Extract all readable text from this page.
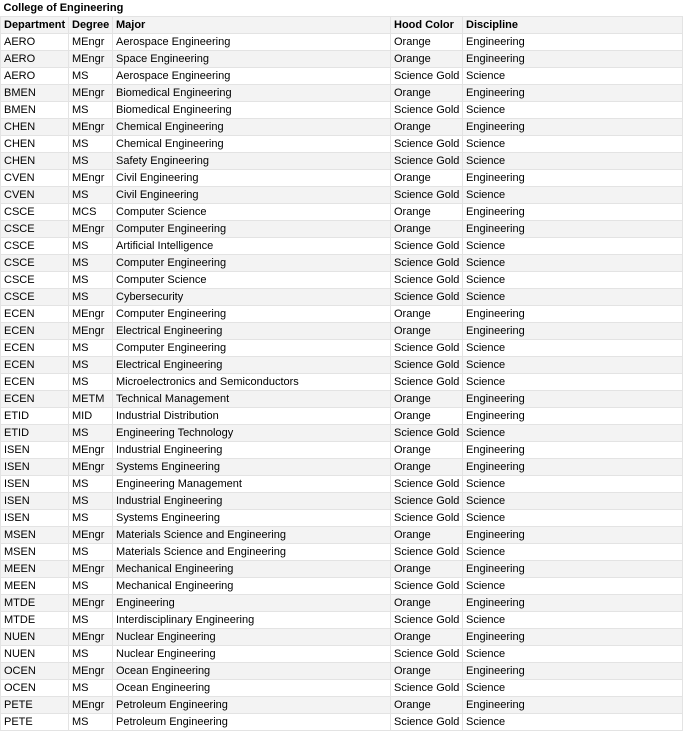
College of Engineering				
Department	Degree	Major	Hood Color	Discipline
AERO	MEngr	Aerospace Engineering	Orange	Engineering
AERO	MEngr	Space Engineering	Orange	Engineering
AERO	MS	Aerospace Engineering	Science Gold	Science
BMEN	MEngr	Biomedical Engineering	Orange	Engineering
BMEN	MS	Biomedical Engineering	Science Gold	Science
CHEN	MEngr	Chemical Engineering	Orange	Engineering
CHEN	MS	Chemical Engineering	Science Gold	Science
CHEN	MS	Safety Engineering	Science Gold	Science
CVEN	MEngr	Civil Engineering	Orange	Engineering
CVEN	MS	Civil Engineering	Science Gold	Science
CSCE	MCS	Computer Science	Orange	Engineering
CSCE	MEngr	Computer Engineering	Orange	Engineering
CSCE	MS	Artificial Intelligence	Science Gold	Science
CSCE	MS	Computer Engineering	Science Gold	Science
CSCE	MS	Computer Science	Science Gold	Science
CSCE	MS	Cybersecurity	Science Gold	Science
ECEN	MEngr	Computer Engineering	Orange	Engineering
ECEN	MEngr	Electrical Engineering	Orange	Engineering
ECEN	MS	Computer Engineering	Science Gold	Science
ECEN	MS	Electrical Engineering	Science Gold	Science
ECEN	MS	Microelectronics and Semiconductors	Science Gold	Science
ECEN	METM	Technical Management	Orange	Engineering
ETID	MID	Industrial Distribution	Orange	Engineering
ETID	MS	Engineering Technology	Science Gold	Science
ISEN	MEngr	Industrial Engineering	Orange	Engineering
ISEN	MEngr	Systems Engineering	Orange	Engineering
ISEN	MS	Engineering Management	Science Gold	Science
ISEN	MS	Industrial Engineering	Science Gold	Science
ISEN	MS	Systems Engineering	Science Gold	Science
MSEN	MEngr	Materials Science and Engineering	Orange	Engineering
MSEN	MS	Materials Science and Engineering	Science Gold	Science
MEEN	MEngr	Mechanical Engineering	Orange	Engineering
MEEN	MS	Mechanical Engineering	Science Gold	Science
MTDE	MEngr	Engineering	Orange	Engineering
MTDE	MS	Interdisciplinary Engineering	Science Gold	Science
NUEN	MEngr	Nuclear Engineering	Orange	Engineering
NUEN	MS	Nuclear Engineering	Science Gold	Science
OCEN	MEngr	Ocean Engineering	Orange	Engineering
OCEN	MS	Ocean Engineering	Science Gold	Science
PETE	MEngr	Petroleum Engineering	Orange	Engineering
PETE	MS	Petroleum Engineering	Science Gold	Science
